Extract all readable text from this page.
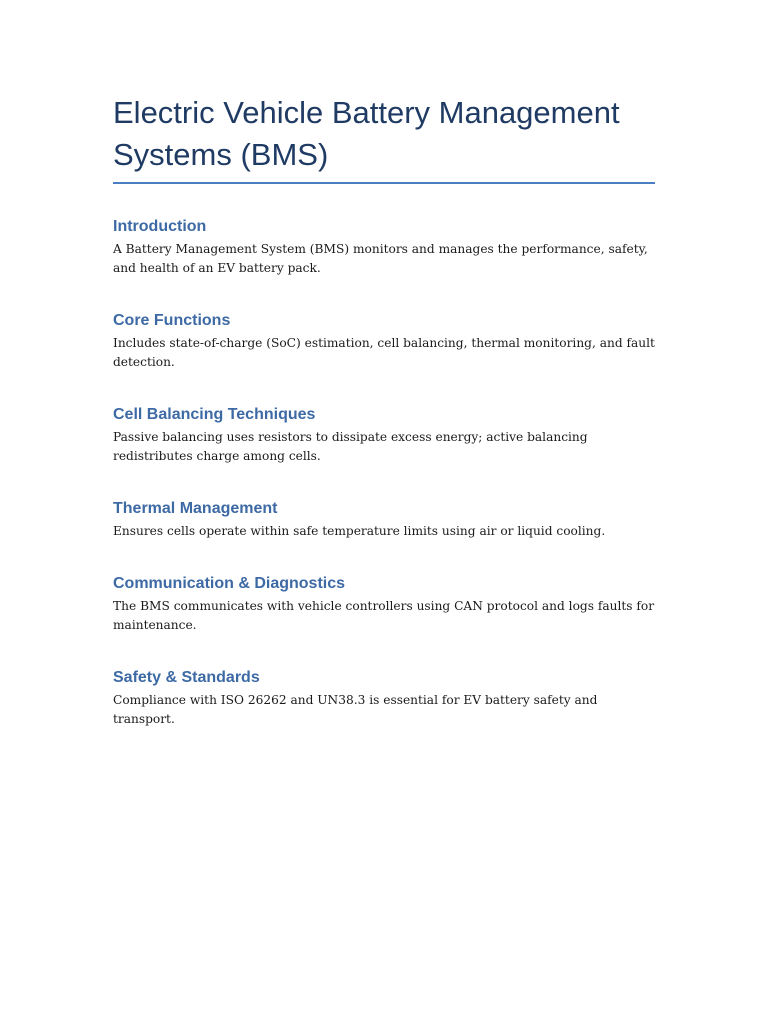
Electric Vehicle Battery Management Systems (BMS)
Introduction

A Battery Management System (BMS) monitors and manages the performance, safety, and health of an EV battery pack.

Core Functions

Includes state-of-charge (SoC) estimation, cell balancing, thermal monitoring, and fault detection.

Cell Balancing Techniques

Passive balancing uses resistors to dissipate excess energy; active balancing redistributes charge among cells.

Thermal Management

Ensures cells operate within safe temperature limits using air or liquid cooling.

Communication & Diagnostics

The BMS communicates with vehicle controllers using CAN protocol and logs faults for maintenance.

Safety & Standards

Compliance with ISO 26262 and UN38.3 is essential for EV battery safety and transport.
